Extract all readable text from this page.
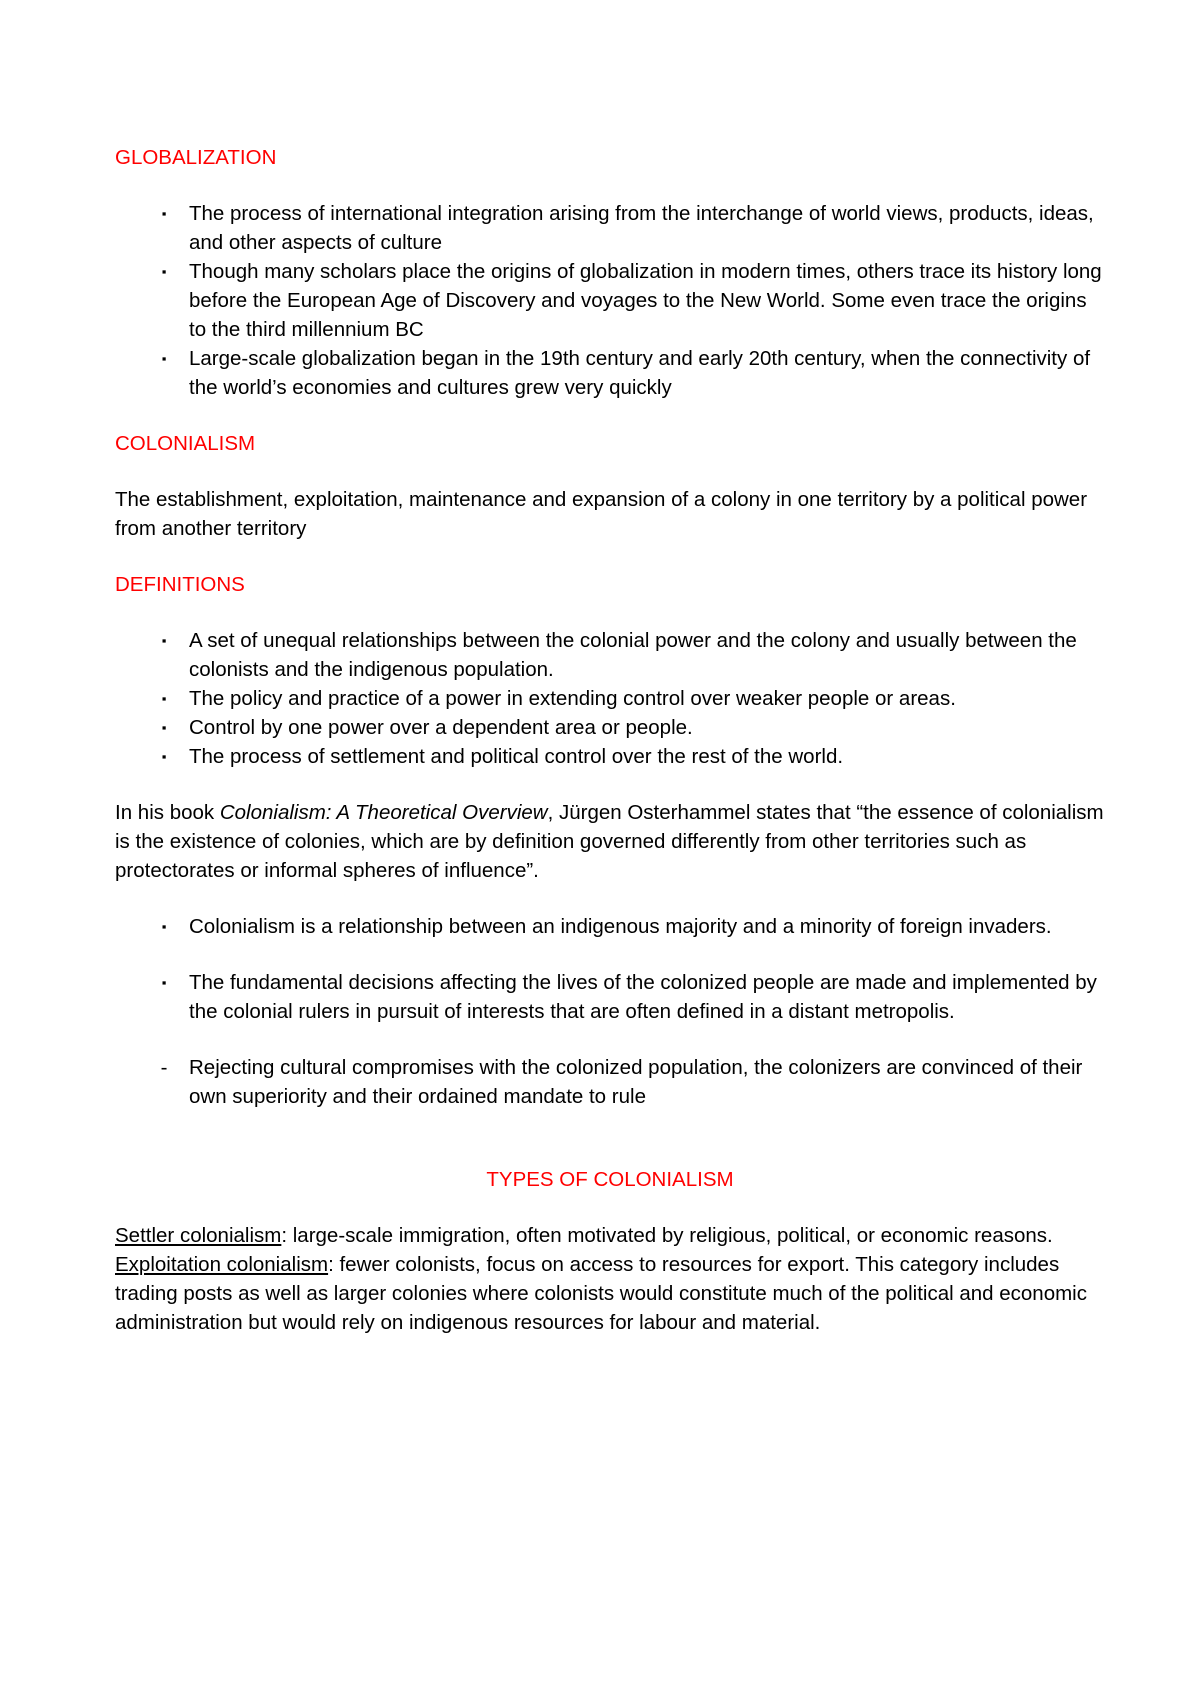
GLOBALIZATION
▪	The process of international integration arising from the interchange of world views, products, ideas, and other aspects of culture
▪	Though many scholars place the origins of globalization in modern times, others trace its history long before the European Age of Discovery and voyages to the New World. Some even trace the origins to the third millennium BC
▪	Large-scale globalization began in the 19th century and early 20th century, when the connectivity of the world’s economies and cultures grew very quickly
COLONIALISM

The establishment, exploitation, maintenance and expansion of a colony in one territory by a political power from another territory

DEFINITIONS
▪	A set of unequal relationships between the colonial power and the colony and usually between the colonists and the indigenous population.
▪	The policy and practice of a power in extending control over weaker people or areas.
▪	Control by one power over a dependent area or people.
▪	The process of settlement and political control over the rest of the world.

In his book Colonialism: A Theoretical Overview, Jürgen Osterhammel states that “the essence of colonialism is the existence of colonies, which are by definition governed differently from other territories such as protectorates or informal spheres of influence”.

▪	Colonialism is a relationship between an indigenous majority and a minority of foreign invaders.
▪	The fundamental decisions affecting the lives of the colonized people are made and implemented by the colonial rulers in pursuit of interests that are often defined in a distant metropolis.
-	Rejecting cultural compromises with the colonized population, the colonizers are convinced of their own superiority and their ordained mandate to rule
TYPES OF COLONIALISM

Settler colonialism: large-scale immigration, often motivated by religious, political, or economic reasons.

Exploitation colonialism: fewer colonists, focus on access to resources for export. This category includes trading posts as well as larger colonies where colonists would constitute much of the political and economic administration but would rely on indigenous resources for labour and material.
